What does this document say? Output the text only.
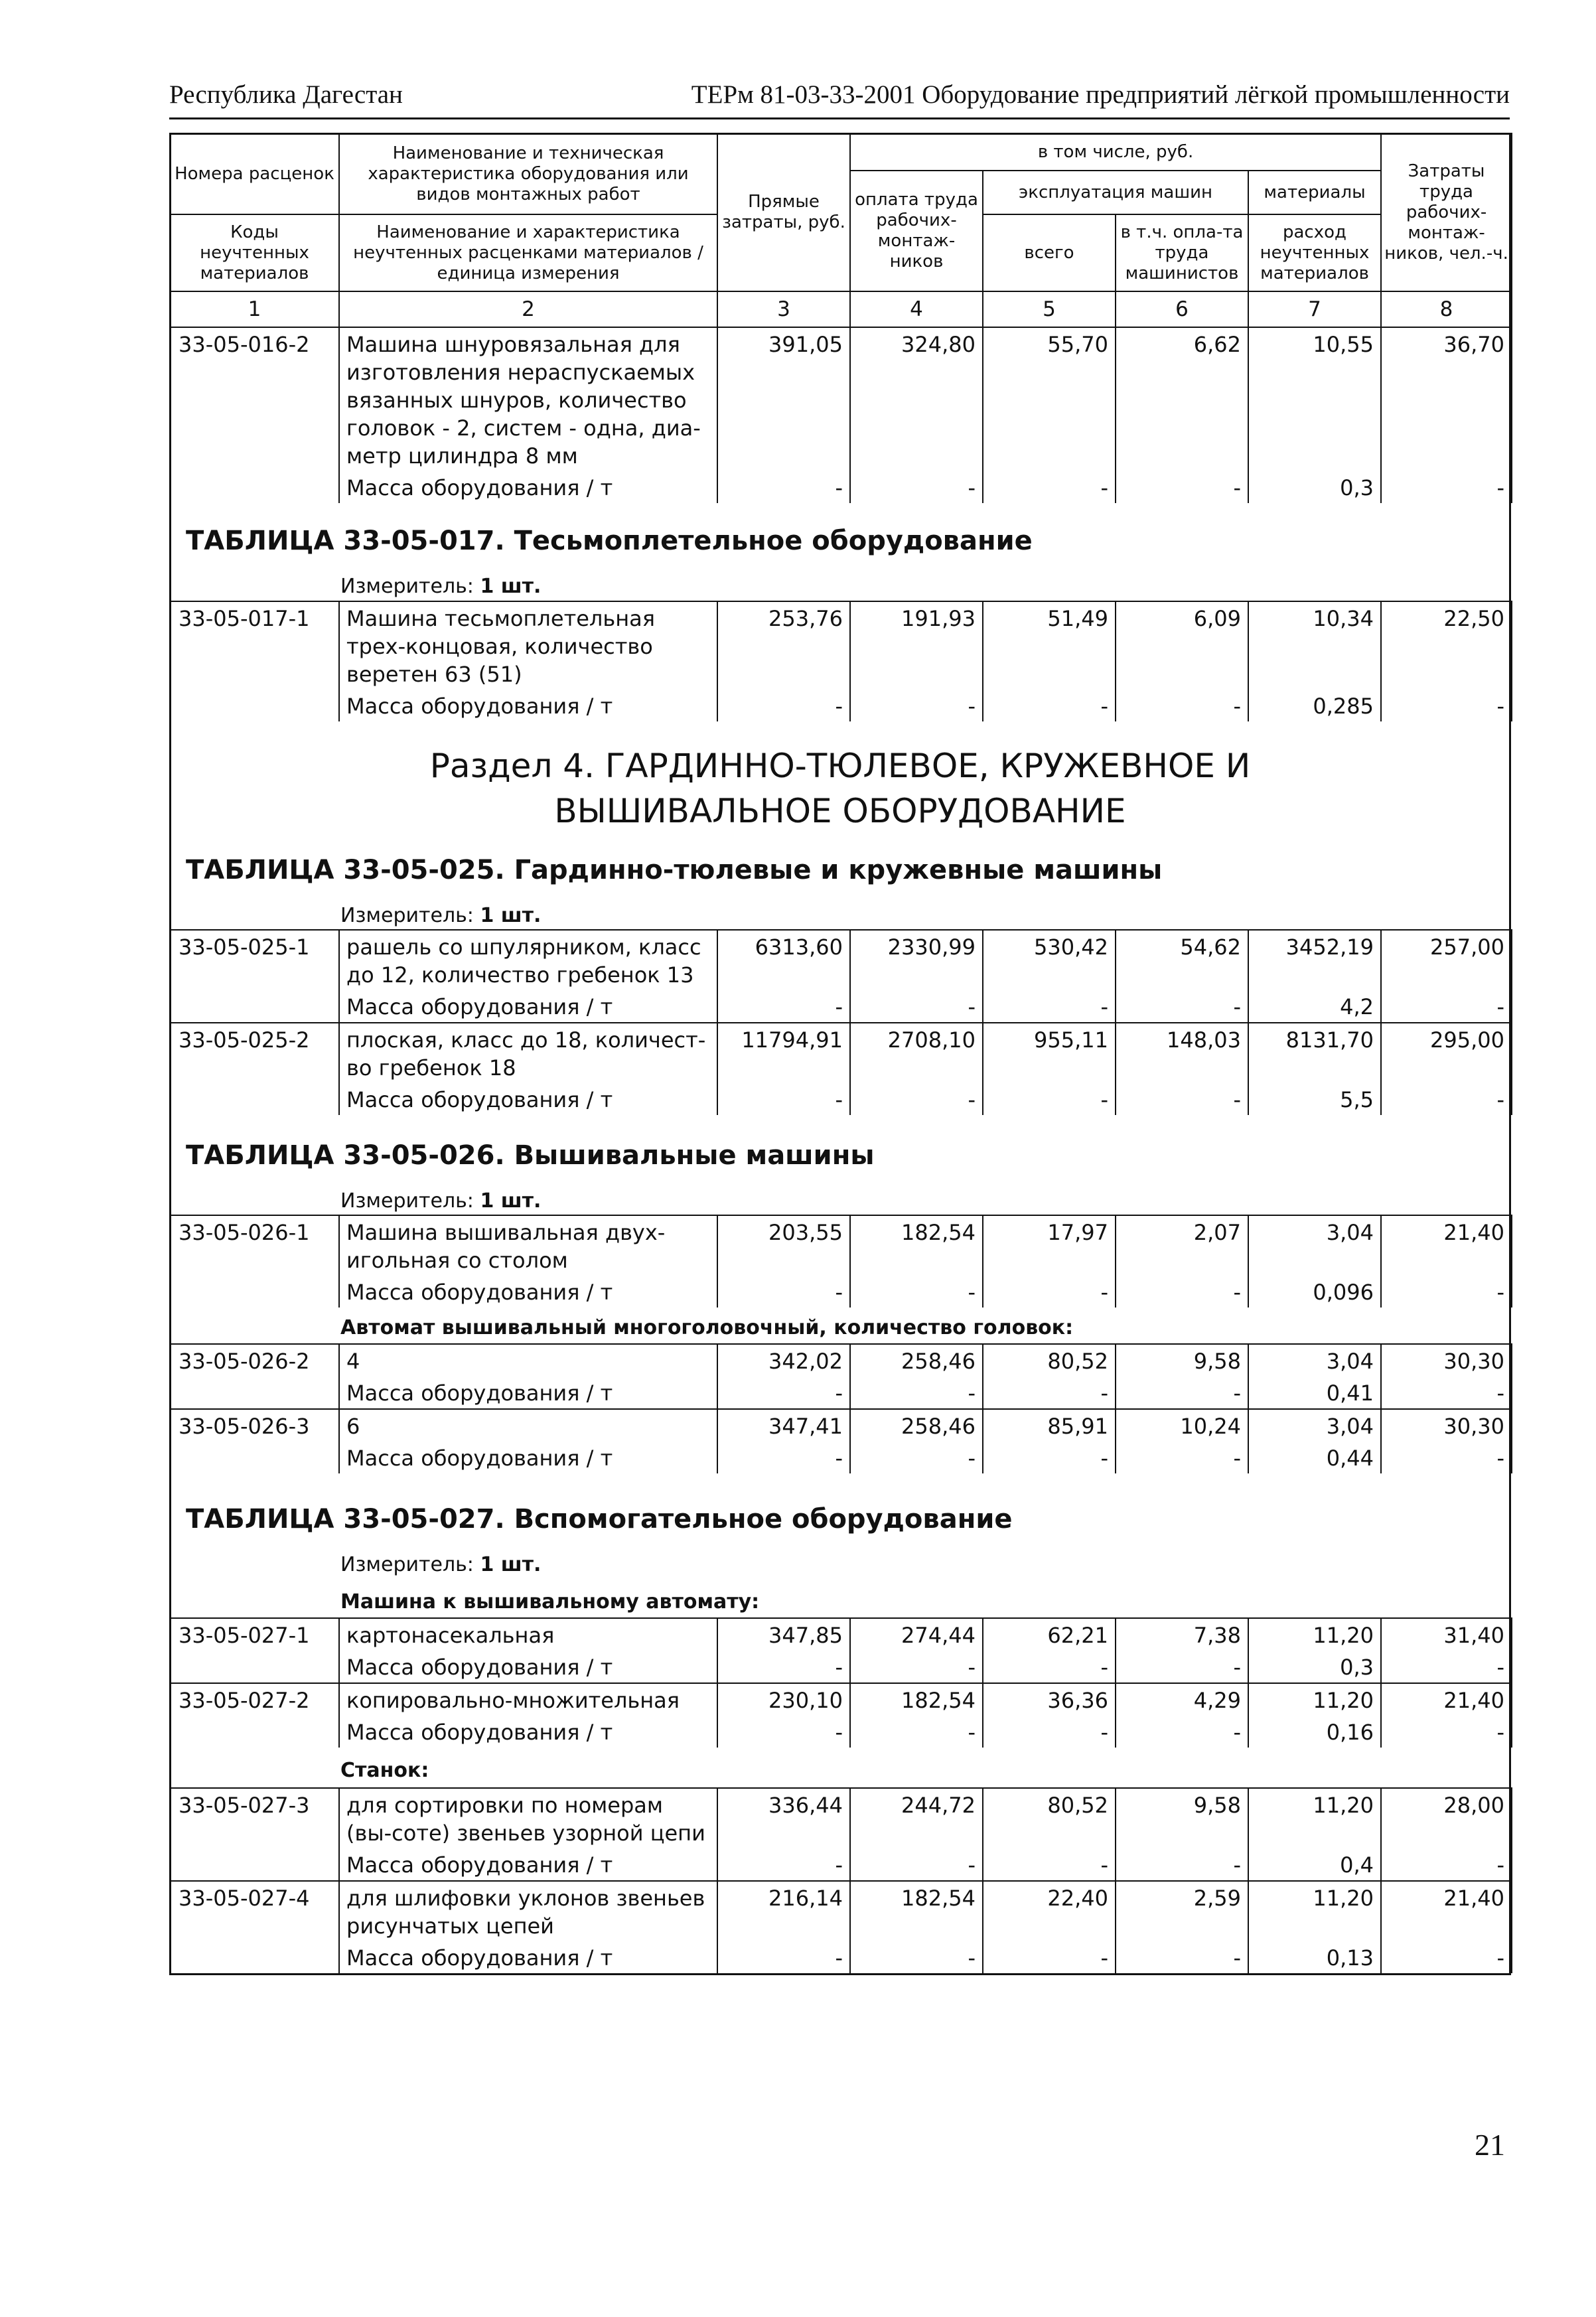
Республика Дагестан	ТЕРм 81-03-33-2001 Оборудование предприятий лёгкой промышленности
Номера расценок	Наименование и техническая характеристика оборудования или видов монтажных работ	Прямые затраты, руб.	в том числе, руб.				Затраты труда рабочих-монтаж-ников, чел.-ч.
			оплата труда рабочих-монтаж-ников	эксплуатация машин		материалы	
Коды неучтенных материалов	Наименование и характеристика неучтенных расценками материалов / единица измерения			всего	в т.ч. опла-та труда машинистов	расход неучтенных материалов	

1	2	3	4	5	6	7	8
33-05-016-2	Машина шнуровязальная для изготовления нераспускаемых вязанных шнуров, количество головок - 2, систем - одна, диа-метр цилиндра 8 мм	391,05	324,80	55,70	6,62	10,55	36,70
	Масса оборудования / т	-	-	-	-	0,3	-
ТАБЛИЦА 33-05-017. Тесьмоплетельное оборудование
Измеритель: 1 шт.
33-05-017-1	Машина тесьмоплетельная трех-концовая, количество веретен 63 (51)	253,76	191,93	51,49	6,09	10,34	22,50
	Масса оборудования / т	-	-	-	-	0,285	-
Раздел 4. ГАРДИННО-ТЮЛЕВОЕ, КРУЖЕВНОЕ И
ВЫШИВАЛЬНОЕ ОБОРУДОВАНИЕ
ТАБЛИЦА 33-05-025. Гардинно-тюлевые и кружевные машины
Измеритель: 1 шт.
33-05-025-1	рашель со шпулярником, класс до 12, количество гребенок 13	6313,60	2330,99	530,42	54,62	3452,19	257,00
	Масса оборудования / т	-	-	-	-	4,2	-
33-05-025-2	плоская, класс до 18, количест-во гребенок 18	11794,91	2708,10	955,11	148,03	8131,70	295,00
	Масса оборудования / т	-	-	-	-	5,5	-
ТАБЛИЦА 33-05-026. Вышивальные машины
Измеритель: 1 шт.
33-05-026-1	Машина вышивальная двух-игольная со столом	203,55	182,54	17,97	2,07	3,04	21,40
	Масса оборудования / т	-	-	-	-	0,096	-
Автомат вышивальный многоголовочный, количество головок:
33-05-026-2	4	342,02	258,46	80,52	9,58	3,04	30,30
	Масса оборудования / т	-	-	-	-	0,41	-
33-05-026-3	6	347,41	258,46	85,91	10,24	3,04	30,30
	Масса оборудования / т	-	-	-	-	0,44	-
ТАБЛИЦА 33-05-027. Вспомогательное оборудование
Измеритель: 1 шт.
Машина к вышивальному автомату:
33-05-027-1	картонасекальная	347,85	274,44	62,21	7,38	11,20	31,40
	Масса оборудования / т	-	-	-	-	0,3	-
33-05-027-2	копировально-множительная	230,10	182,54	36,36	4,29	11,20	21,40
	Масса оборудования / т	-	-	-	-	0,16	-
Станок:
33-05-027-3	для сортировки по номерам (вы-соте) звеньев узорной цепи	336,44	244,72	80,52	9,58	11,20	28,00
	Масса оборудования / т	-	-	-	-	0,4	-
33-05-027-4	для шлифовки уклонов звеньев рисунчатых цепей	216,14	182,54	22,40	2,59	11,20	21,40
	Масса оборудования / т	-	-	-	-	0,13	-
21
